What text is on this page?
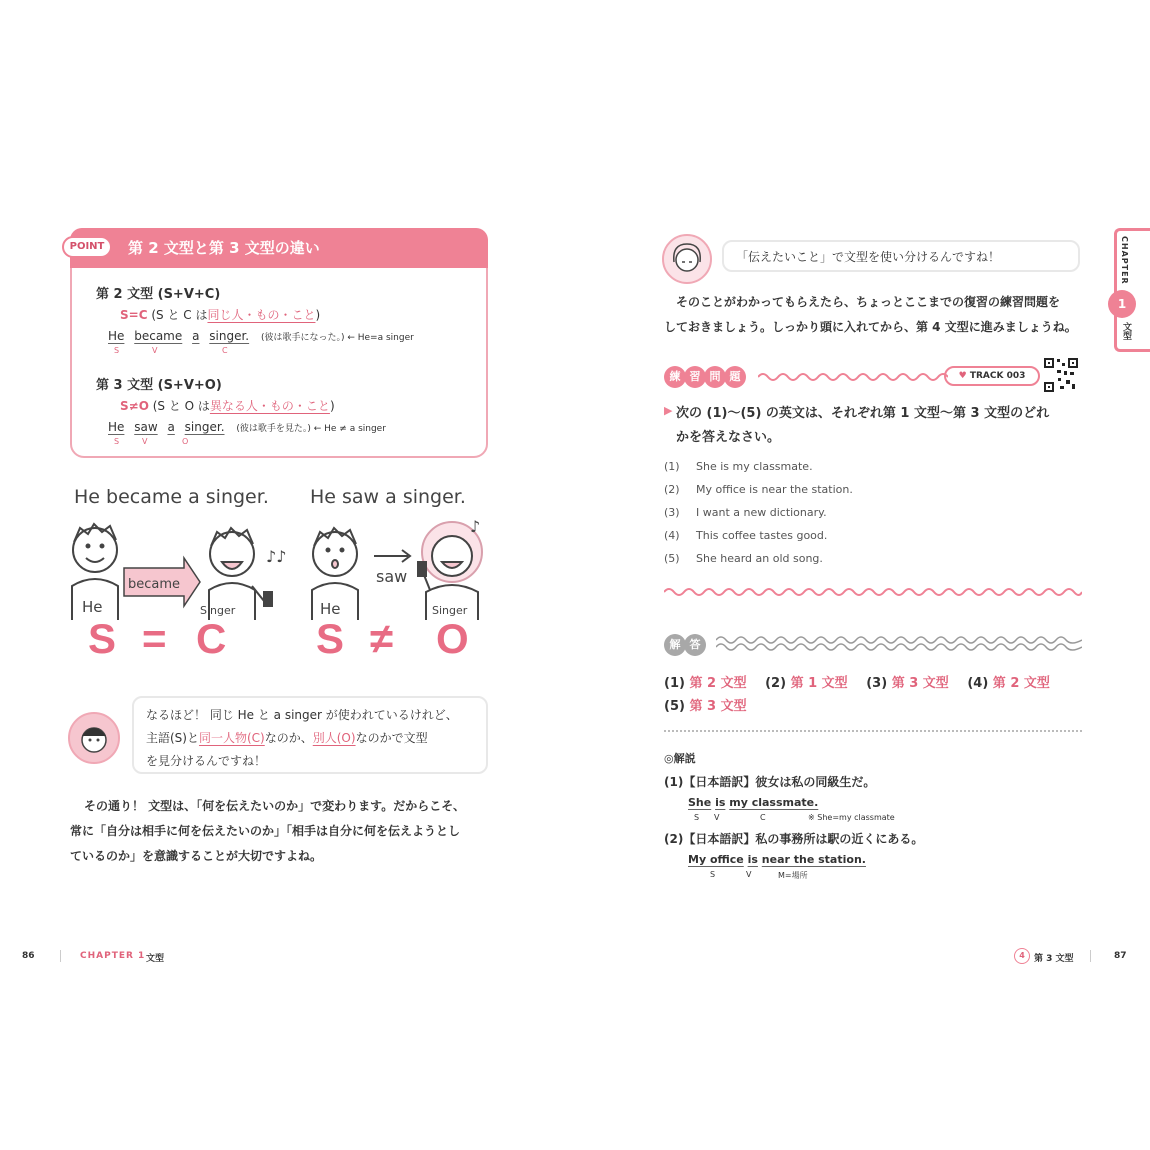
POINT	第 2 文型と第 3 文型の違い
第 2 文型 (S+V+C)
S=C (S と C は同じ人・もの・こと)
He became a singer. (彼は歌手になった。) ← He=a singer
S	V	C
第 3 文型 (S+V+O)
S≠O (S と O は異なる人・もの・こと)
He saw a singer. (彼は歌手を見た。) ← He ≠ a singer
S	V	O
He became a singer. He saw a singer.
He
became
Singer
♪♪
He
saw
Singer
♪
S = C S ≠ O
なるほど！ 同じ He と a singer が使われているけれど、
主語(S)と同一人物(C)なのか、別人(O)なのかで文型
を見分けるんですね！
その通り！ 文型は、「何を伝えたいのか」で変わります。だからこそ、
常に「自分は相手に何を伝えたいのか」「相手は自分に何を伝えようとし
ているのか」を意識することが大切ですよね。
86	CHAPTER 1 文型
CHAPTER
1
文型
「伝えたいこと」で文型を使い分けるんですね！
そのことがわかってもらえたら、ちょっとここまでの復習の練習問題を
しておきましょう。しっかり頭に入れてから、第 4 文型に進みましょうね。
練 習 問 題	♥ TRACK 003
▶ 次の (1)〜(5) の英文は、それぞれ第 1 文型〜第 3 文型のどれ
かを答えなさい。
(1) She is my classmate.
(2) My office is near the station.
(3) I want a new dictionary.
(4) This coffee tastes good.
(5) She heard an old song.
解 答
(1) 第 2 文型 (2) 第 1 文型 (3) 第 3 文型 (4) 第 2 文型
(5) 第 3 文型
◎解説
(1)【日本語訳】彼女は私の同級生だ。
She is my classmate.
S V	C	※ She=my classmate
(2)【日本語訳】私の事務所は駅の近くにある。
My office is near the station.
S	V	M=場所
4	第 3 文型	87
